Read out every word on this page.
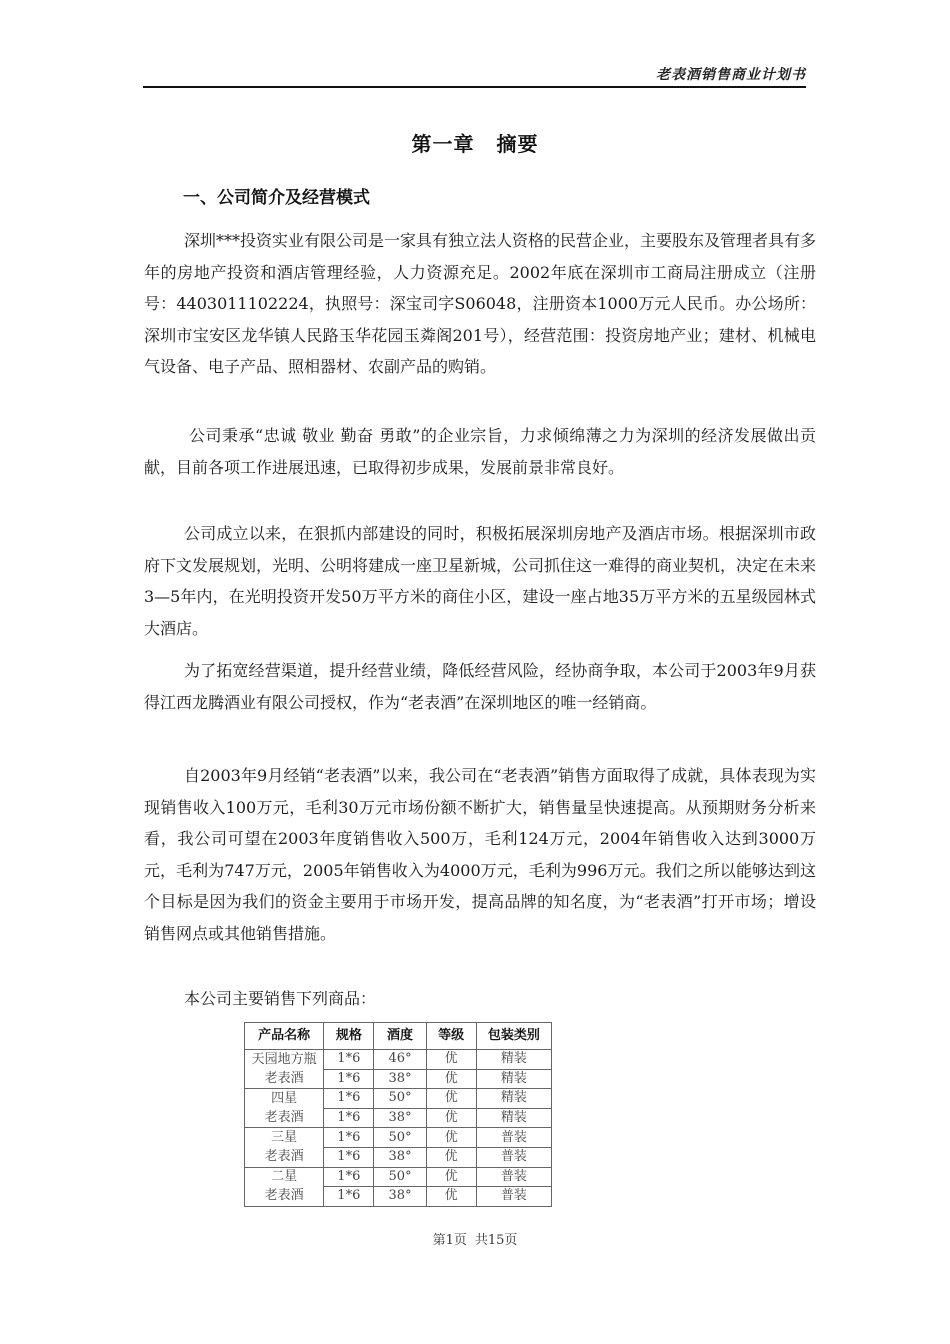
老表酒销售商业计划书
第一章 摘要
一、公司简介及经营模式

深圳***投资实业有限公司是一家具有独立法人资格的民营企业，主要股东及管理者具有多年的房地产投资和酒店管理经验，人力资源充足。2002年底在深圳市工商局注册成立（注册号：4403011102224，执照号：深宝司字S06048，注册资本1000万元人民币。办公场所：深圳市宝安区龙华镇人民路玉华花园玉粦阁201号），经营范围：投资房地产业；建材、机械电气设备、电子产品、照相器材、农副产品的购销。

公司秉承“忠诚 敬业 勤奋 勇敢”的企业宗旨，力求倾绵薄之力为深圳的经济发展做出贡献，目前各项工作进展迅速，已取得初步成果，发展前景非常良好。

公司成立以来，在狠抓内部建设的同时，积极拓展深圳房地产及酒店市场。根据深圳市政府下文发展规划，光明、公明将建成一座卫星新城，公司抓住这一难得的商业契机，决定在未来3—5年内，在光明投资开发50万平方米的商住小区，建设一座占地35万平方米的五星级园林式大酒店。

为了拓宽经营渠道，提升经营业绩，降低经营风险，经协商争取，本公司于2003年9月获得江西龙腾酒业有限公司授权，作为“老表酒”在深圳地区的唯一经销商。

自2003年9月经销“老表酒”以来，我公司在“老表酒”销售方面取得了成就，具体表现为实现销售收入100万元，毛利30万元市场份额不断扩大，销售量呈快速提高。从预期财务分析来看，我公司可望在2003年度销售收入500万，毛利124万元，2004年销售收入达到3000万元，毛利为747万元，2005年销售收入为4000万元，毛利为996万元。我们之所以能够达到这个目标是因为我们的资金主要用于市场开发，提高品牌的知名度，为“老表酒”打开市场；增设销售网点或其他销售措施。

本公司主要销售下列商品：

产品名称	规格	酒度	等级	包装类别
天园地方瓶	1*6	46°	优	精装
老表酒	1*6	38°	优	精装
四星	1*6	50°	优	精装
老表酒	1*6	38°	优	精装
三星	1*6	50°	优	普装
老表酒	1*6	38°	优	普装
二星	1*6	50°	优	普装
老表酒	1*6	38°	优	普装
第1页 共15页
